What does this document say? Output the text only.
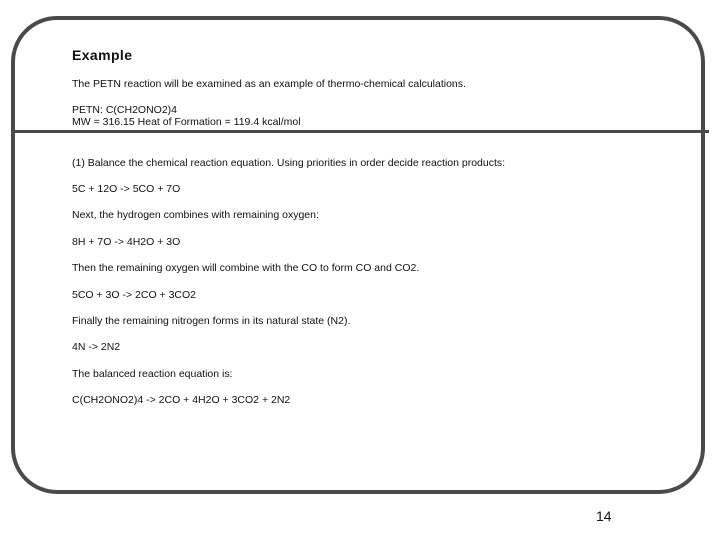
Example
The PETN reaction will be examined as an example of thermo-chemical calculations.
PETN: C(CH2ONO2)4
MW = 316.15 Heat of Formation = 119.4 kcal/mol
(1) Balance the chemical reaction equation. Using priorities in order decide reaction products:
5C + 12O -> 5CO + 7O
Next, the hydrogen combines with remaining oxygen:
8H + 7O -> 4H2O + 3O
Then the remaining oxygen will combine with the CO to form CO and CO2.
5CO + 3O -> 2CO + 3CO2
Finally the remaining nitrogen forms in its natural state (N2).
4N -> 2N2
The balanced reaction equation is:
C(CH2ONO2)4 -> 2CO + 4H2O + 3CO2 + 2N2
14
